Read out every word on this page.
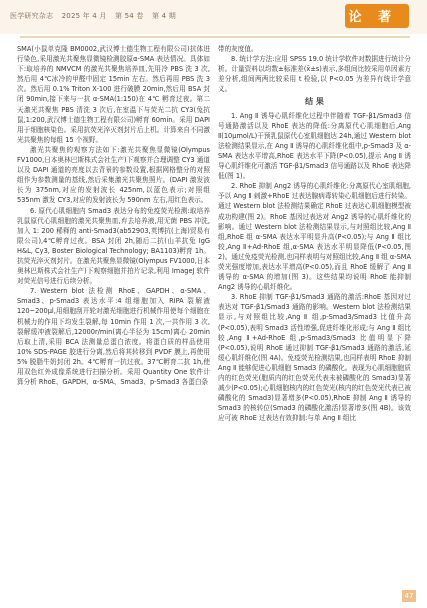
医学研究杂志 2025 年 4 月 第 54 卷 第 4 期	论 著

SMA(小鼠单克隆 BM0002,武汉博士德生物工程有限公司)抗体进行染色,采用激光共聚焦显微镜检测胶原α-SMA 表达情况。具体如下:取培养的 NMVCM 的激光共聚焦培养皿,先用冷 PBS 洗 3 次,然后用 4℃冰冷的甲醛中固定 15min 左右。然后再用 PBS 洗 3 次。然后用 0.1% Triton X-100 进行破膜 20min,然后用 BSA 封闭 90min,接下来与一抗 α-SMA(1:150)在 4℃ 孵育过夜。第二天激光共聚焦 PBS 清洗 3 次后,在室温下与荧光二抗 CY3(兔抗鼠,1:200,武汉博士德生物工程有限公司)孵育 60min。采用 DAPI 用于细胞核染色。采用抗荧光淬灭剂封片后上机。计算来自不同激光共聚焦的每组 15 个视野。

激光共聚焦的观察方法如下:激光共聚焦显微镜(Olympus FV1000,日本奥林巴斯株式会社生产)下观察并合理调整 CY3 通道以及 DAPI 通道的亮度以去背景的参数设置,根据网格整分的对照组作为参数测量的基线,然后采集激光共聚焦照片。(DAPI 激发波长为 375nm,对应的发射波长 425nm,以蓝色表示;对照组 535nm 激发 CY3,对应的发射波长为 590nm 左右,用红色表示。

6. 原代心肌细胞内 Smad3 表达分布的免疫荧光检测:取培养乳鼠原代心肌细胞的激光共聚焦皿,弃去培养液,用无菌 PBS 冲洗,加入 1: 200 稀释的 anti-Smad3(ab52903,英博抗(上海)贸易有限公司),4℃孵育过夜。BSA 封闭 2h,随后二抗(山羊抗兔 IgG H&L, Cy3, Boster Biological Technology; BA1103)孵育 1h。抗荧光淬灭剂封片。在激光共聚焦显微镜(Olympus FV1000,日本奥林巴斯株式会社生产)下观察细胞并拍片记录,利用 ImageJ 软件对荧光信号进行后续分析。

7. Western blot 法检测 RhoE、GAPDH、α-SMA、Smad3、p-Smad3 表达水平:4 组细胞加入 RIPA 裂解液 120~200μl,用细胞刮开轮对激光细胞进行机械作用使每个细胞在机械力的作用下均发生裂解,每 10min 作用 1 次,一共作用 3 次,裂解缓冲液裂解后,12000r/min(离心半径为 15cm)离心 20min 后取上清,采用 BCA 法测量总蛋白浓度。将蛋白质的样品使用 10% SDS-PAGE 胶进行分离,然后将其转移到 PVDF 膜上,再使用 5% 脱脂牛奶封闭 2h。4℃孵育一抗过夜。37℃孵育二抗 1h,使用双色红外成像系统进行扫描分析。采用 Quantity One 软件计算分析 RhoE、GAPDH、α-SMA、Smad3、p-Smad3 各蛋白条

带的灰度值。

8. 统计学方法:应用 SPSS 19.0 统计学软件对数据进行统计分析。计量资料以均数±标准差(x̄±s)表示,多组间比较采用单因素方差分析,组间两两比较采用 t 检验,以 P<0.05 为差异有统计学意义。

结 果

1. Ang Ⅱ 诱导心肌纤维化过程中伴随着 TGF-β1/Smad3 信号通路激活以及 RhoE 表达的降低:分离原代心肌细胞后,Ang Ⅱ(10μmol/L)干预乳鼠原代心室肌细胞达 24h,通过 Western blot 法检测结果显示,在 Ang Ⅱ 诱导的心肌纤维化组中,p-Smad3 及 α-SMA 表达水平增高,RhoE 表达水平下降(P<0.05),提示 Ang Ⅱ 诱导心肌纤维化可激活 TGF-β1/Smad3 信号通路以及 RhoE 表达降低(图 1)。

2. RhoE 抑制 Ang2 诱导的心肌纤维化:分离原代心室肌细胞,予以 Ang Ⅱ 刺激+RhoE 过表达腺病毒转染心肌细胞后进行转染。通过 Western blot 法检测结果确定 RhoE 过表达心肌细胞模型被成功构建(图 2)。RhoE 基因过表达对 Ang2 诱导的心肌纤维化的影响。通过 Western blot 法检测结果显示,与对照组比较,Ang Ⅱ 组,RhoE 组 α-SMA 表达水平明显升高(P<0.05);与 Ang Ⅱ 组比较,Ang Ⅱ+Ad-RhoE 组,α-SMA 表达水平明显降低(P<0.05,图 2)。通过免疫荧光检测,也同样表明与对照组比较,Ang Ⅱ 组 α-SMA 荧光强度增加,表达水平增高(P<0.05),而且 RhoE 缓解了 Ang Ⅱ 诱导的 α-SMA 的增加(图 3)。这些结果均说明 RhoE 能抑制 Ang2 诱导的心肌纤维化。

3. RhoE 抑制 TGF-β1/Smad3 通路的激活:RhoE 基因对过表达对 TGF-β1/Smad3 通路的影响。Western blot 法检测结果显示,与对照组比较,Ang Ⅱ 组,p-Smad3/Smad3 比值升高(P<0.05),表明 Smad3 活性增强,促进纤维化形成;与 Ang Ⅱ 组比较,Ang Ⅱ+Ad-RhoE 组,p-Smad3/Smad3 比值明显下降(P<0.05),说明 RhoE 通过抑制 TGF-β1/Smad3 通路的激活,延缓心肌纤维化(图 4A)。免疫荧光检测结果,也同样表明 RhoE 抑制 Ang Ⅱ 能够促进心肌细胞 Smad3 的磷酸化。表现为心肌细胞胞质内的红色荧光(胞质内的红色荧光代表未被磷酸化的 Smad3)显著减少(P<0.05);心肌细胞核内的红色荧光(核内的红色荧光代表已被磷酸化的 Smad3)显著增多(P<0.05),RhoE 抑制 Ang Ⅱ 诱导的 Smad3 的核转位(Smad3 的磷酸化激活)显著增多(图 4B)。该效应可被 RhoE 过表达有效抑制:与单 Ang Ⅱ 组比

47
